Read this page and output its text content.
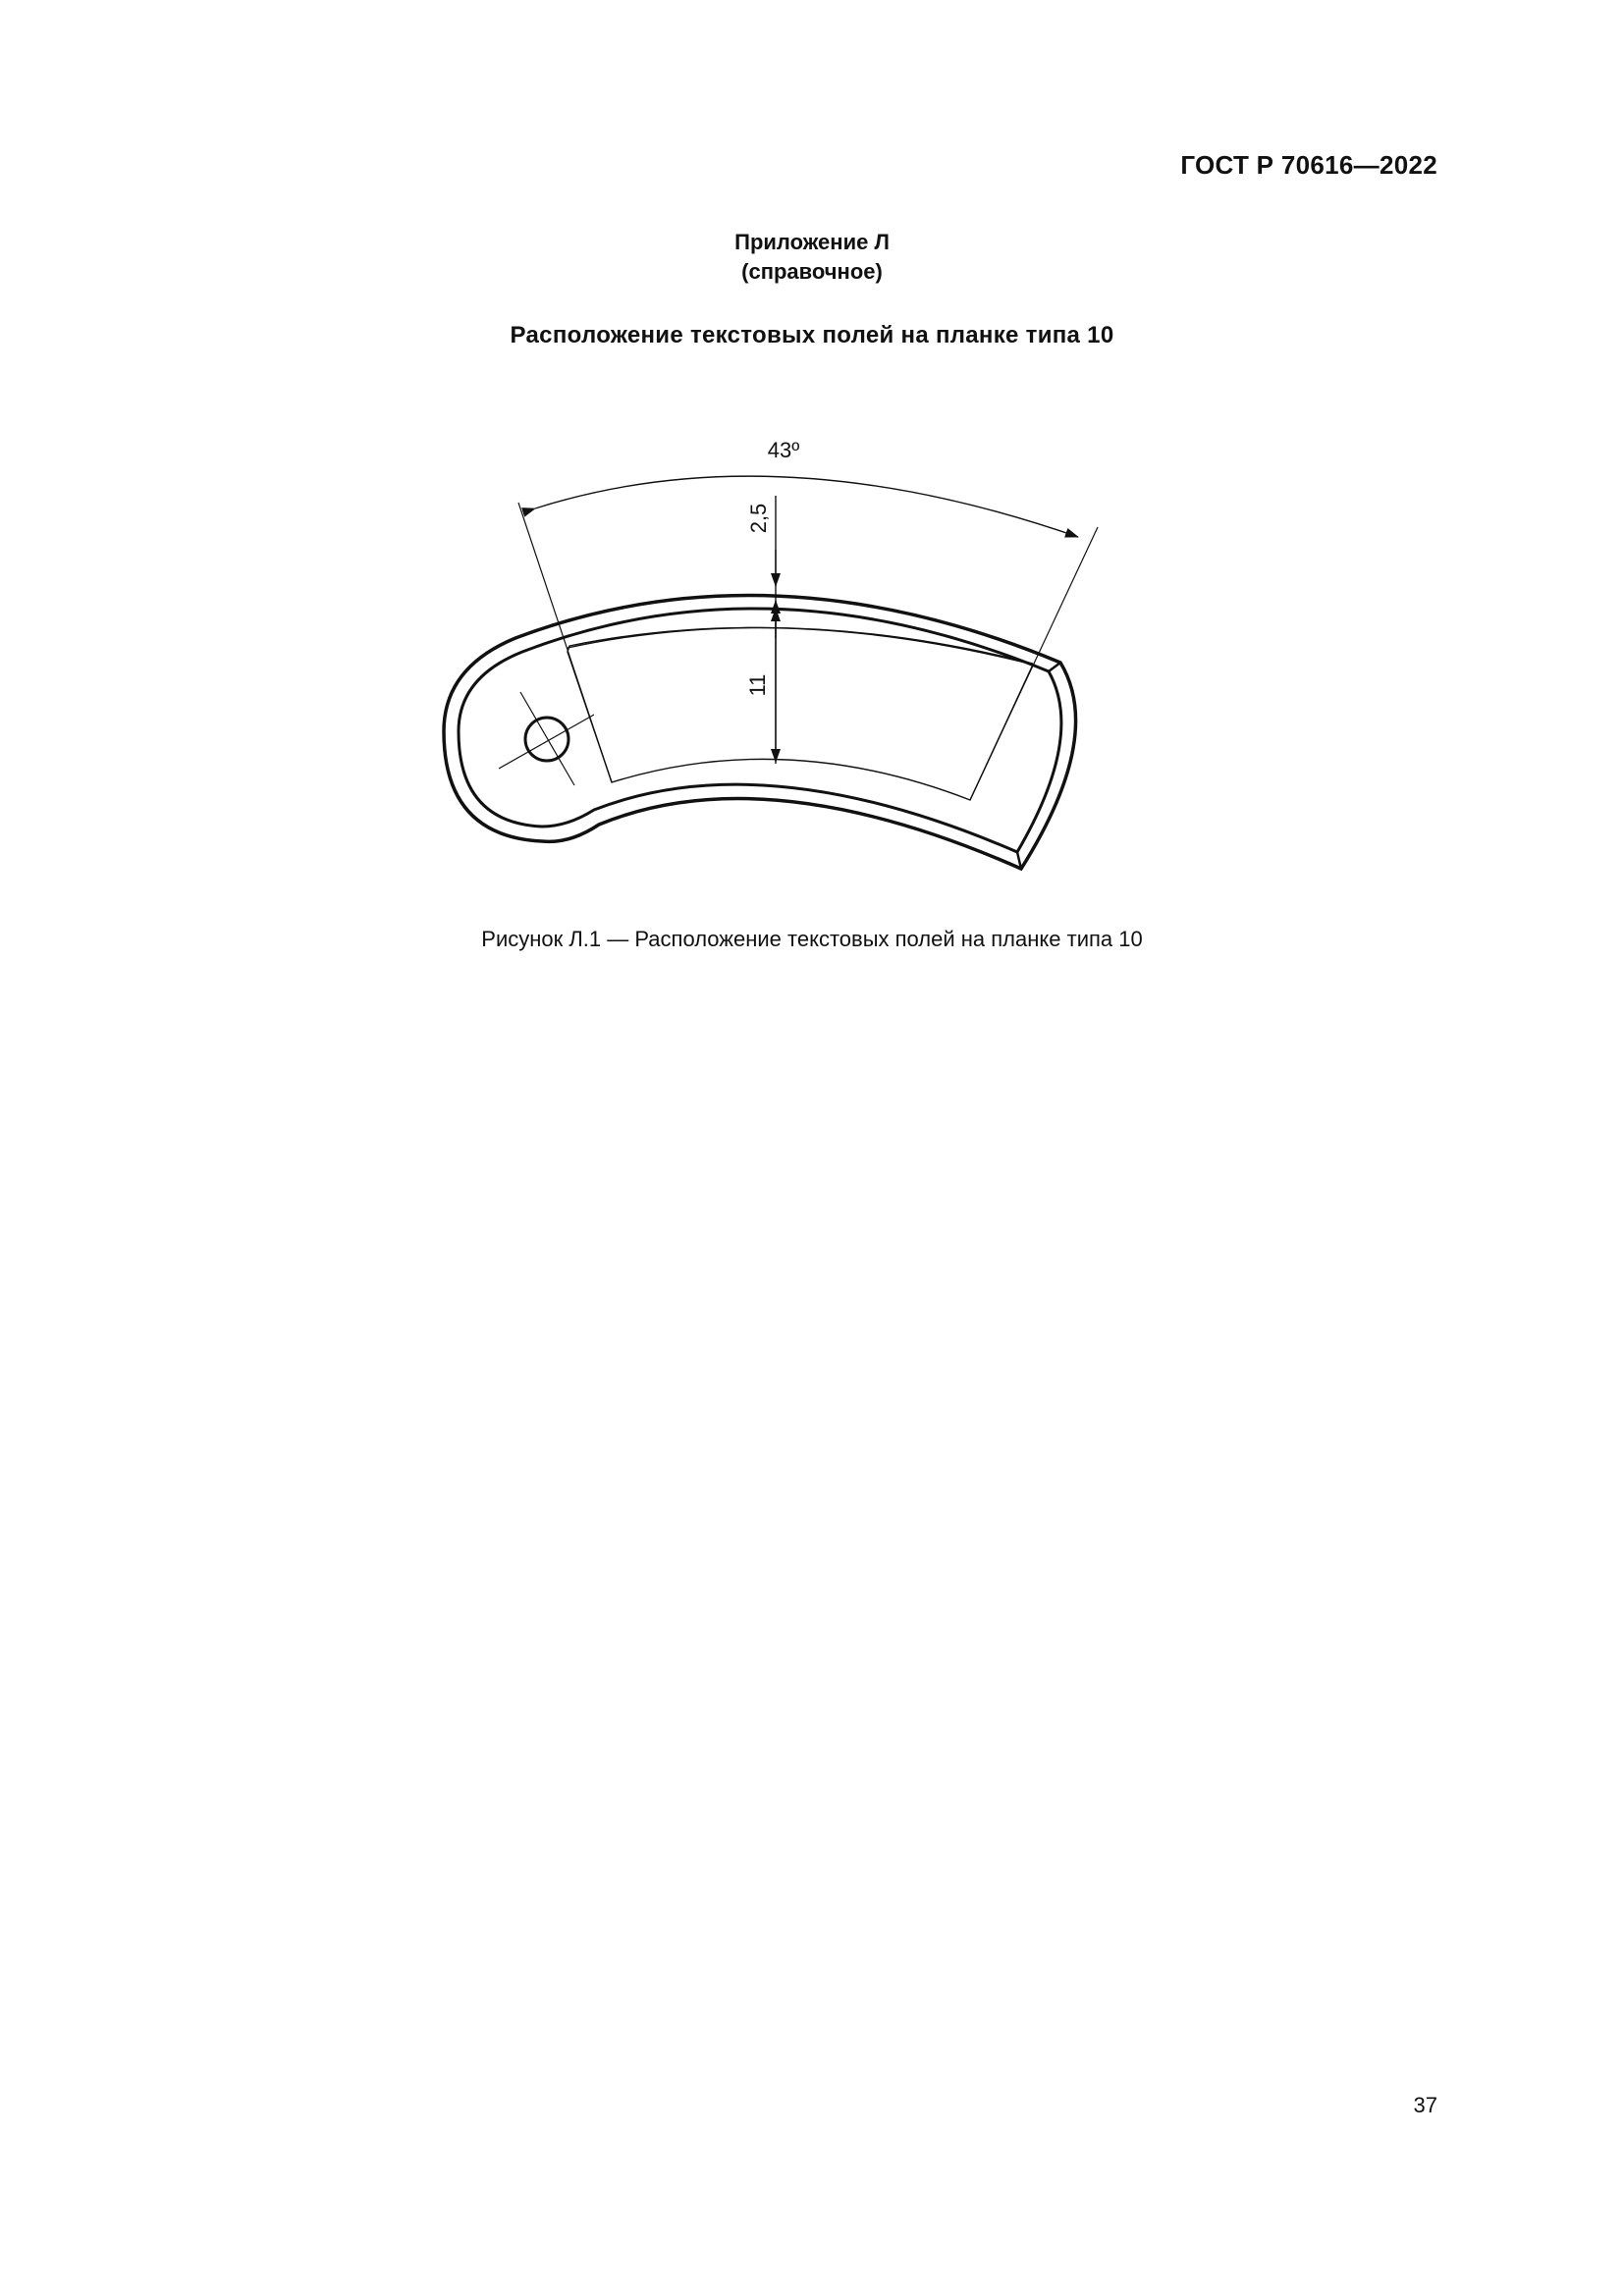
ГОСТ Р 70616—2022
Приложение Л
(справочное)
Расположение текстовых полей на планке типа 10
43º
2,5
11
Рисунок Л.1 — Расположение текстовых полей на планке типа 10
37
